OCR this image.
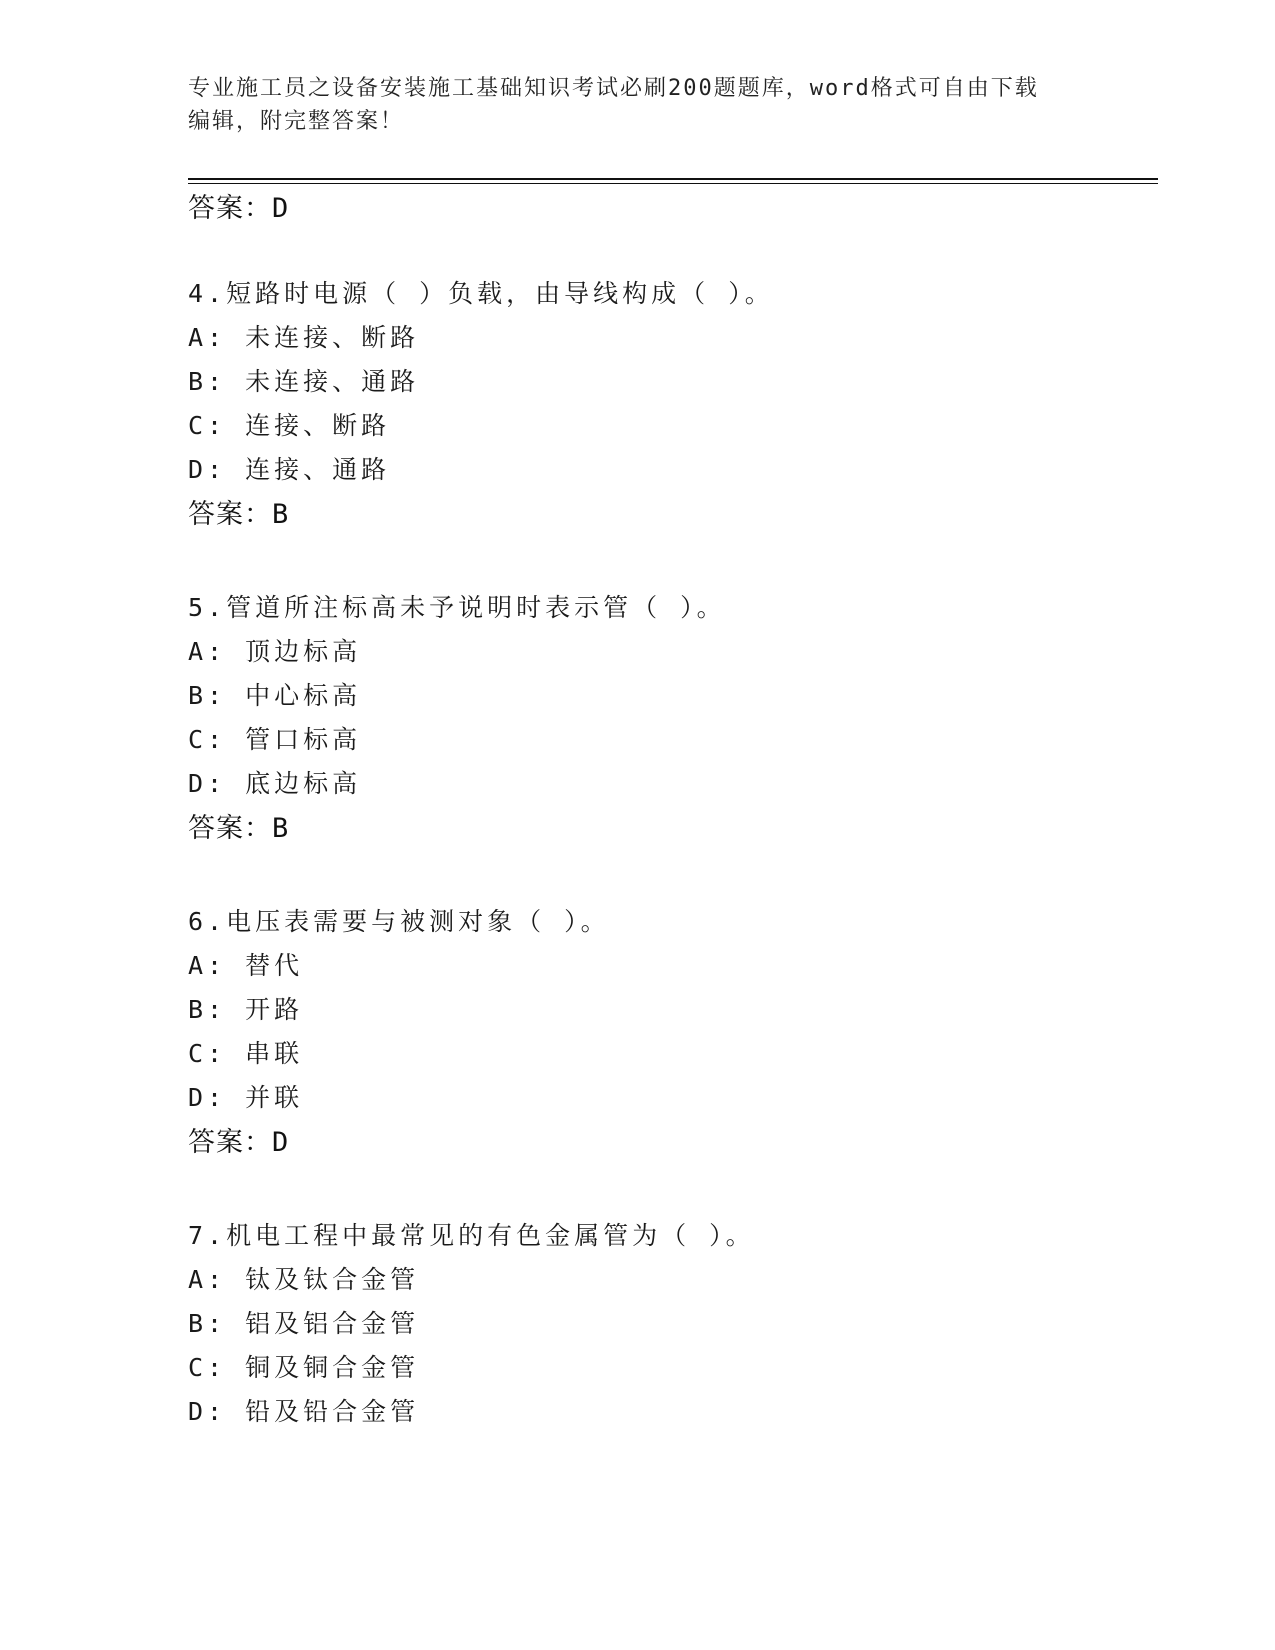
专业施工员之设备安装施工基础知识考试必刷200题题库，word格式可自由下载
编辑，附完整答案！
答案：D
4.短路时电源（ ）负载，由导线构成（ ）。
A: 未连接、断路
B: 未连接、通路
C: 连接、断路
D: 连接、通路
答案：B
5.管道所注标高未予说明时表示管（ ）。
A: 顶边标高
B: 中心标高
C: 管口标高
D: 底边标高
答案：B
6.电压表需要与被测对象（ ）。
A: 替代
B: 开路
C: 串联
D: 并联
答案：D
7.机电工程中最常见的有色金属管为（ ）。
A: 钛及钛合金管
B: 铝及铝合金管
C: 铜及铜合金管
D: 铅及铅合金管
